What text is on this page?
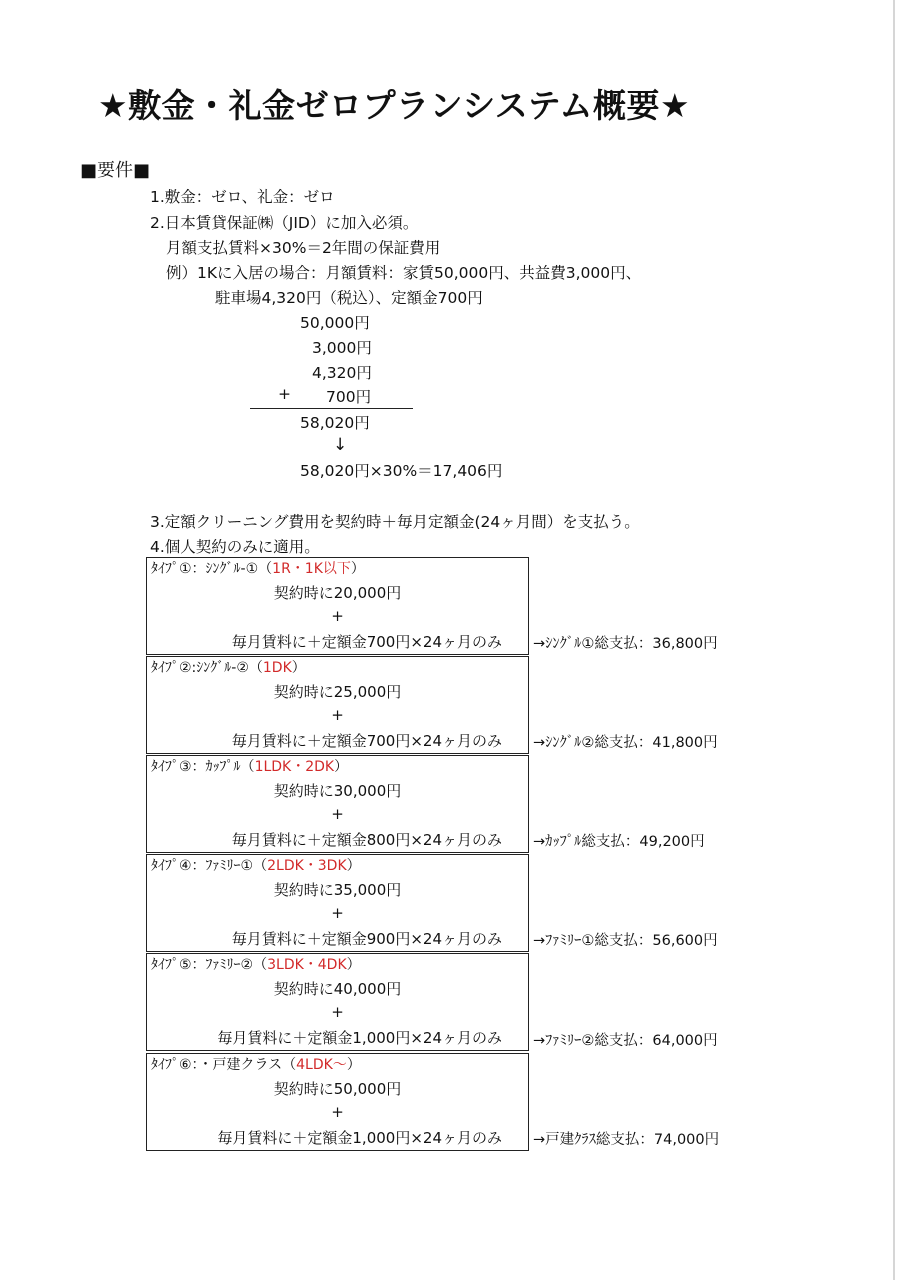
★敷金・礼金ゼロプランシステム概要★
■要件■
1.敷金：ゼロ、礼金：ゼロ
2.日本賃貸保証㈱（JID）に加入必須。
月額支払賃料×30%＝2年間の保証費用
例）1Kに入居の場合：月額賃料：家賃50,000円、共益費3,000円、
駐車場4,320円（税込）、定額金700円
50,000円
3,000円
4,320円
+ 700円
58,020円
↓
58,020円×30%＝17,406円
3.定額クリーニング費用を契約時＋毎月定額金(24ヶ月間）を支払う。
4.個人契約のみに適用。
ﾀｲﾌﾟ①：ｼﾝｸﾞﾙ-①（1R・1K以下）
契約時に20,000円
+
毎月賃料に＋定額金700円×24ヶ月のみ →ｼﾝｸﾞﾙ①総支払：36,800円
ﾀｲﾌﾟ②:ｼﾝｸﾞﾙ-②（1DK）
契約時に25,000円
+
毎月賃料に＋定額金700円×24ヶ月のみ →ｼﾝｸﾞﾙ②総支払：41,800円
ﾀｲﾌﾟ③：ｶｯﾌﾟﾙ（1LDK・2DK）
契約時に30,000円
+
毎月賃料に＋定額金800円×24ヶ月のみ →ｶｯﾌﾟﾙ総支払：49,200円
ﾀｲﾌﾟ④：ﾌｧﾐﾘｰ①（2LDK・3DK）
契約時に35,000円
+
毎月賃料に＋定額金900円×24ヶ月のみ →ﾌｧﾐﾘｰ①総支払：56,600円
ﾀｲﾌﾟ⑤：ﾌｧﾐﾘｰ②（3LDK・4DK）
契約時に40,000円
+
毎月賃料に＋定額金1,000円×24ヶ月のみ →ﾌｧﾐﾘｰ②総支払：64,000円
ﾀｲﾌﾟ⑥：・戸建クラス（4LDK～）
契約時に50,000円
+
毎月賃料に＋定額金1,000円×24ヶ月のみ →戸建ｸﾗｽ総支払：74,000円
